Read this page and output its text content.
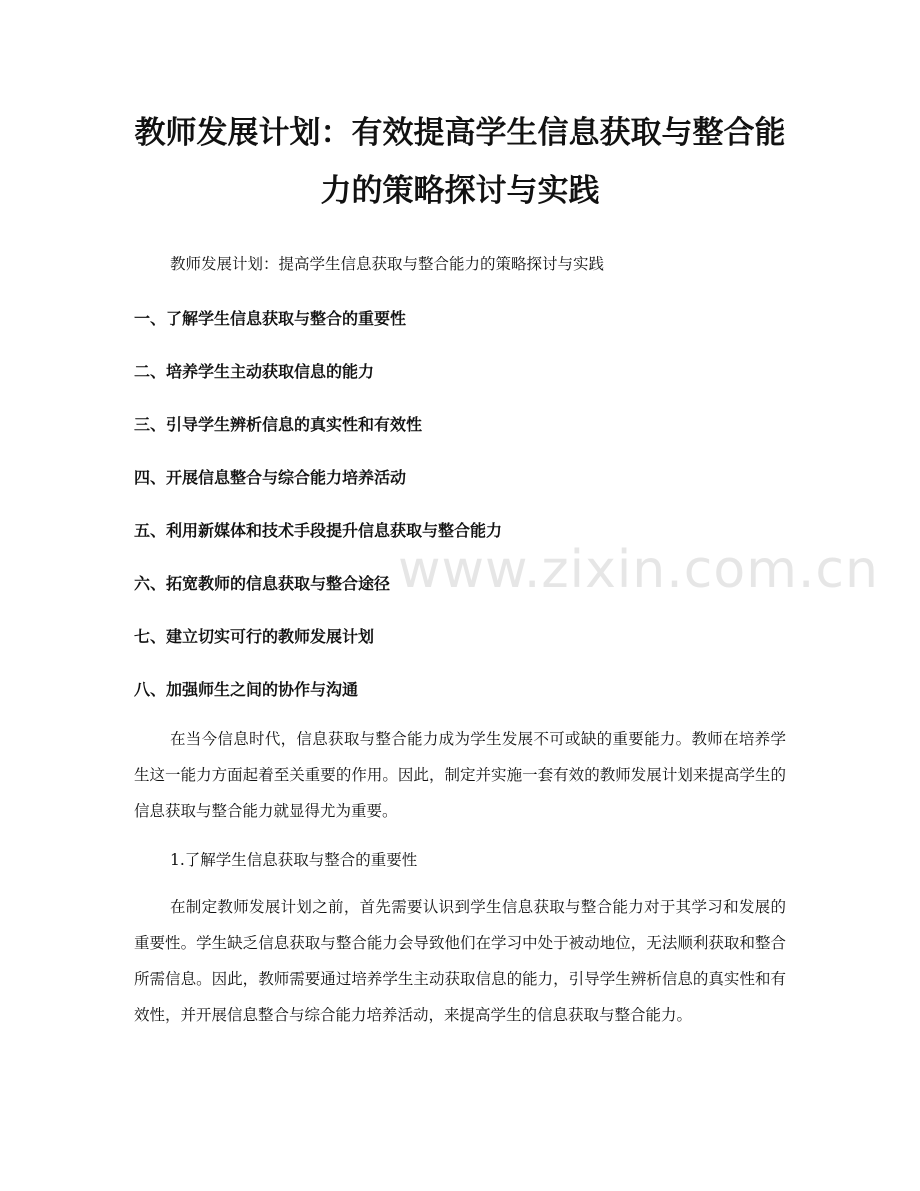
www.zixin.com.cn
教师发展计划：有效提高学生信息获取与整合能力的策略探讨与实践

教师发展计划：提高学生信息获取与整合能力的策略探讨与实践

一、了解学生信息获取与整合的重要性

二、培养学生主动获取信息的能力

三、引导学生辨析信息的真实性和有效性

四、开展信息整合与综合能力培养活动

五、利用新媒体和技术手段提升信息获取与整合能力

六、拓宽教师的信息获取与整合途径

七、建立切实可行的教师发展计划

八、加强师生之间的协作与沟通

在当今信息时代，信息获取与整合能力成为学生发展不可或缺的重要能力。教师在培养学生这一能力方面起着至关重要的作用。因此，制定并实施一套有效的教师发展计划来提高学生的信息获取与整合能力就显得尤为重要。

1.了解学生信息获取与整合的重要性

在制定教师发展计划之前，首先需要认识到学生信息获取与整合能力对于其学习和发展的重要性。学生缺乏信息获取与整合能力会导致他们在学习中处于被动地位，无法顺利获取和整合所需信息。因此，教师需要通过培养学生主动获取信息的能力，引导学生辨析信息的真实性和有效性，并开展信息整合与综合能力培养活动，来提高学生的信息获取与整合能力。
